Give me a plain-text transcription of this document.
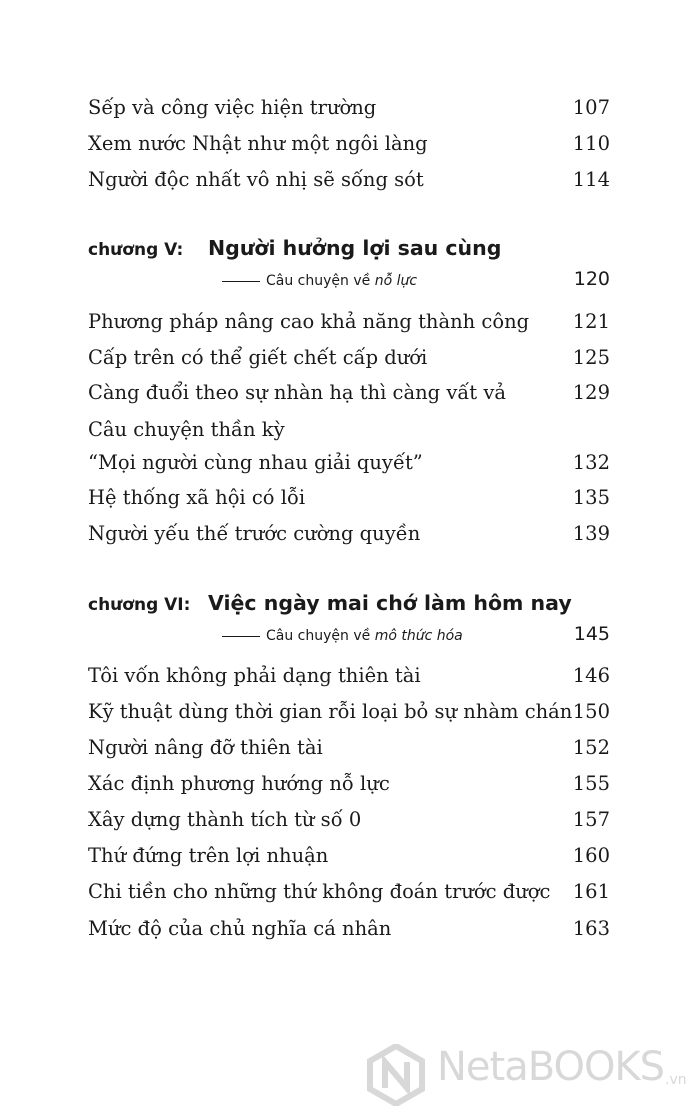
Sếp và công việc hiện trường	107
Xem nước Nhật như một ngôi làng	110
Người độc nhất vô nhị sẽ sống sót	114
chương V: Người hưởng lợi sau cùng
Câu chuyện về nỗ lực	120
Phương pháp nâng cao khả năng thành công 121
Cấp trên có thể giết chết cấp dưới	125
Càng đuổi theo sự nhàn hạ thì càng vất vả	129
Câu chuyện thần kỳ
“Mọi người cùng nhau giải quyết”	132
Hệ thống xã hội có lỗi	135
Người yếu thế trước cường quyền	139
chương VI: Việc ngày mai chớ làm hôm nay
Câu chuyện về mô thức hóa	145
Tôi vốn không phải dạng thiên tài	146
Kỹ thuật dùng thời gian rỗi loại bỏ sự nhàm chán 150
Người nâng đỡ thiên tài	152
Xác định phương hướng nỗ lực	155
Xây dựng thành tích từ số 0	157
Thứ đứng trên lợi nhuận	160
Chi tiền cho những thứ không đoán trước được 161
Mức độ của chủ nghĩa cá nhân	163
NetaBOOKS .vn
